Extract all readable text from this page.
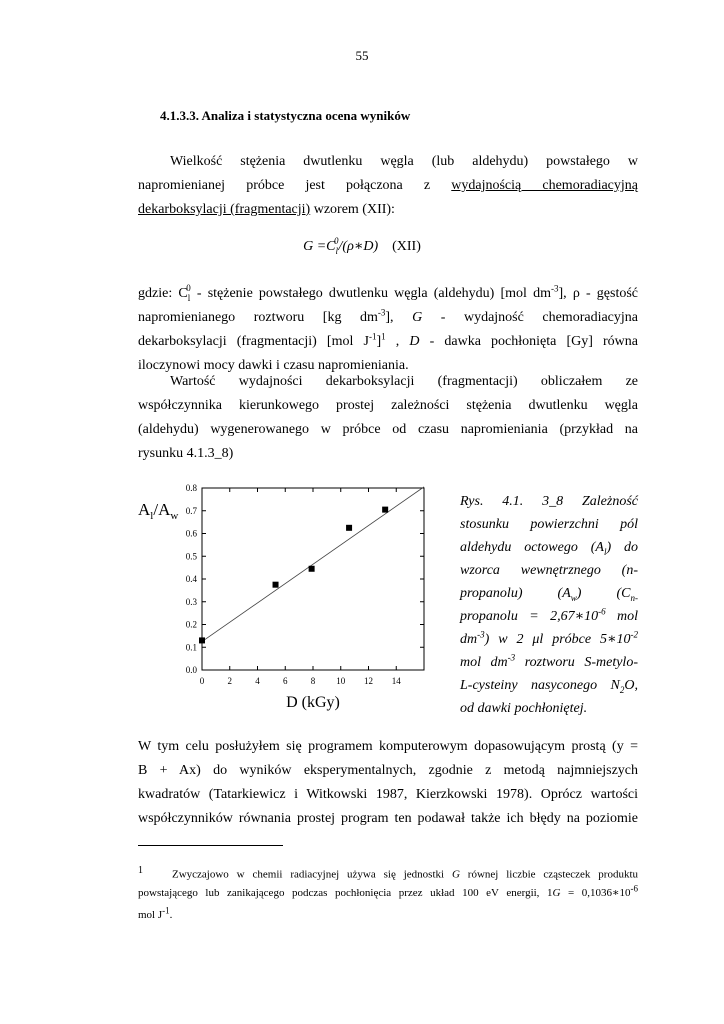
55
4.1.3.3. Analiza i statystyczna ocena wyników
Wielkość stężenia dwutlenku węgla (lub aldehydu) powstałego w
napromienianej próbce jest połączona z wydajnością chemoradiacyjną
dekarboksylacji (fragmentacji) wzorem (XII):
$G =C_l^0/(\rho∗D)$ (XII)
gdzie: $C_l^0$ - stężenie powstałego dwutlenku węgla (aldehydu) [mol $dm^{-3}$], ρ - gęstość
napromienianego roztworu [kg $dm^{-3}$], G - wydajność chemoradiacyjna
dekarboksylacji (fragmentacji) [mol $J^{-1}]^1$ , D - dawka pochłonięta [Gy] równa
iloczynowi mocy dawki i czasu napromieniania.
Wartość wydajności dekarboksylacji (fragmentacji) obliczałem ze
współczynnika kierunkowego prostej zależności stężenia dwutlenku węgla
(aldehydu) wygenerowanego w próbce od czasu napromieniania (przykład na
rysunku 4.1.3_8)
0	2	4	6	8 10 12 14
0.0
0.1
0.2
0.3
0.4
0.5
0.6
0.7
0.8
$A_l/A_w$
D (kGy)
Rys. 4.1. 3_8 Zależność
stosunku powierzchni pól
aldehydu octowego $(A_l)$ do
wzorca wewnętrznego (n-
propanolu) $(A_w)$ ($C_{n-}$
propanolu = $2,67∗10^{-6}$ mol
$dm^{-3}$) w 2 μl próbce $5∗10^{-2}$
mol $dm^{-3}$ roztworu S-metylo-
L-cysteiny nasyconego $N_2O$,
od dawki pochłoniętej.
W tym celu posłużyłem się programem komputerowym dopasowującym prostą (y =
B + Ax) do wyników eksperymentalnych, zgodnie z metodą najmniejszych
kwadratów (Tatarkiewicz i Witkowski 1987, Kierzkowski 1978). Oprócz wartości
współczynników równania prostej program ten podawał także ich błędy na poziomie
1	Zwyczajowo w chemii radiacyjnej używa się jednostki G równej liczbie cząsteczek produktu
powstającego lub zanikającego podczas pochłonięcia przez układ 100 eV energii, $1G = 0,1036∗10^{-6}$
mol $J^{-1}$.
